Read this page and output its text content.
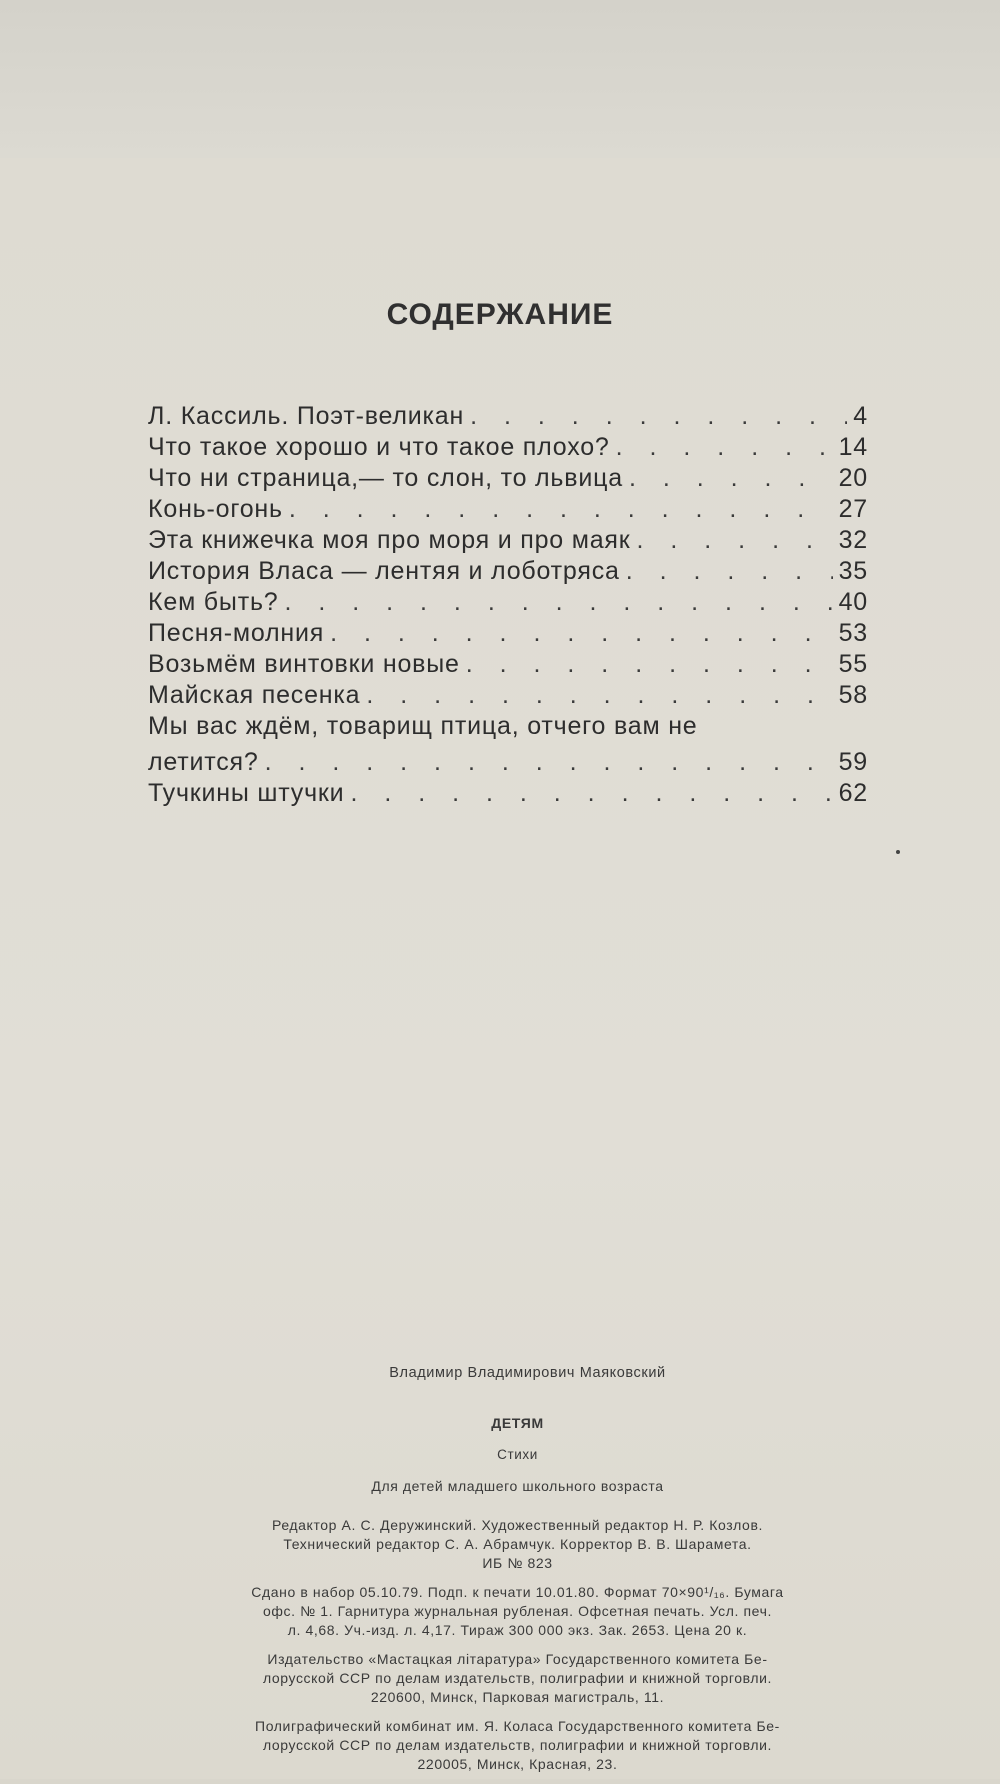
СОДЕРЖАНИЕ
Л. Кассиль. Поэт-великан . . .	4
Что такое хорошо и что такое плохо? . . .	14
Что ни страница,— то слон, то львица . . .	20
Конь-огонь . . .	27
Эта книжечка моя про моря и про маяк . . .	32
История Власа — лентяя и лоботряса . . .	35
Кем быть? . . .	40
Песня-молния . . .	53
Возьмём винтовки новые . . .	55
Майская песенка . . .	58
Мы вас ждём, товарищ птица, отчего вам не
летится? . . .	59
Тучкины штучки . . .	62
Владимир Владимирович Маяковский
ДЕТЯМ
Стихи
Для детей младшего школьного возраста
Редактор А. С. Деружинский. Художественный редактор Н. Р. Козлов.
Технический редактор С. А. Абрамчук. Корректор В. В. Шарамета.
ИБ № 823
Сдано в набор 05.10.79. Подп. к печати 10.01.80. Формат 70×90¹/₁₆. Бумага
офс. № 1. Гарнитура журнальная рубленая. Офсетная печать. Усл. печ.
л. 4,68. Уч.-изд. л. 4,17. Тираж 300 000 экз. Зак. 2653. Цена 20 к.
Издательство «Мастацкая літаратура» Государственного комитета Бе-
лорусской ССР по делам издательств, полиграфии и книжной торговли.
220600, Минск, Парковая магистраль, 11.
Полиграфический комбинат им. Я. Коласа Государственного комитета Бе-
лорусской ССР по делам издательств, полиграфии и книжной торговли.
220005, Минск, Красная, 23.
